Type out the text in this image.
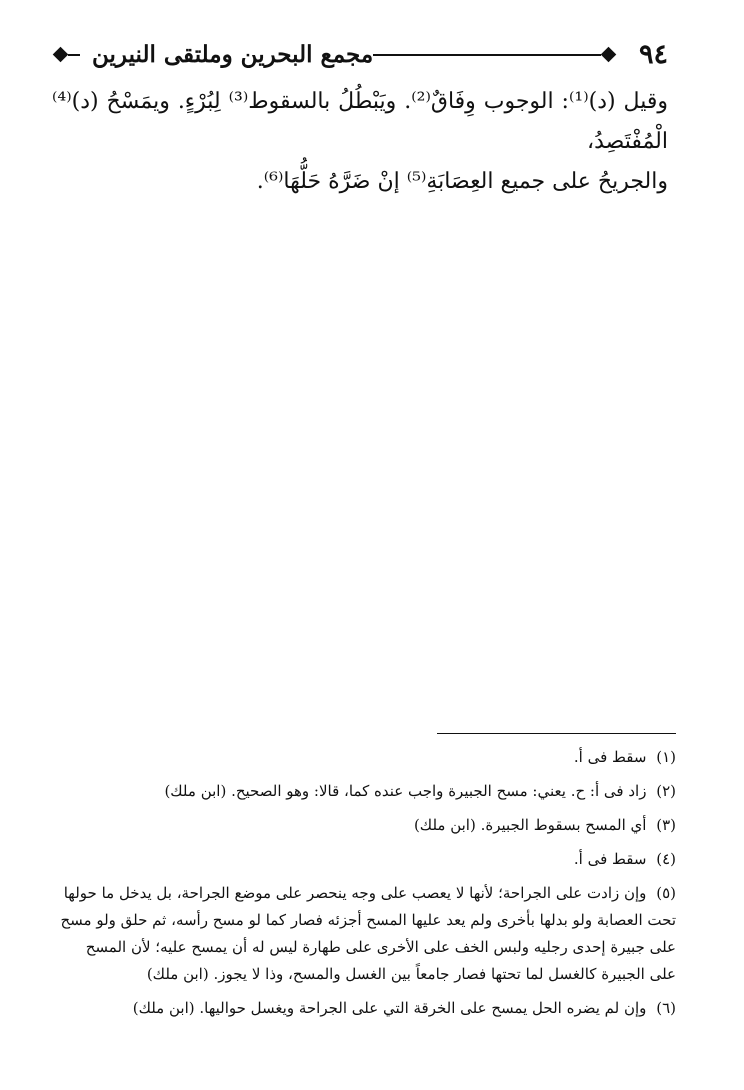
٩٤
مجمع البحرين وملتقى النيرين

وقيل (د)⁽¹⁾: الوجوب وِفَاقٌ⁽²⁾. ويَبْطُلُ بالسقوط⁽³⁾ لِبُرْءٍ. ويمَسْحُ (د)⁽⁴⁾ الْمُفْتَصِدُ،

والجريحُ على جميع العِصَابَةِ⁽⁵⁾ إنْ ضَرَّهُ حَلُّهَا⁽⁶⁾.

(١) سقط فى أ.

(٢) زاد فى أ: ح. يعني: مسح الجبيرة واجب عنده كما، قالا: وهو الصحيح. (ابن ملك)

(٣) أي المسح بسقوط الجبيرة. (ابن ملك)

(٤) سقط فى أ.

(٥) وإن زادت على الجراحة؛ لأنها لا يعصب على وجه ينحصر على موضع الجراحة، بل يدخل ما حولها تحت العصابة ولو بدلها بأخرى ولم يعد عليها المسح أجزئه فصار كما لو مسح رأسه، ثم حلق ولو مسح على جبيرة إحدى رجليه ولبس الخف على الأخرى على طهارة ليس له أن يمسح عليه؛ لأن المسح على الجبيرة كالغسل لما تحتها فصار جامعاً بين الغسل والمسح، وذا لا يجوز. (ابن ملك)

(٦) وإن لم يضره الحل يمسح على الخرقة التي على الجراحة ويغسل حواليها. (ابن ملك)
